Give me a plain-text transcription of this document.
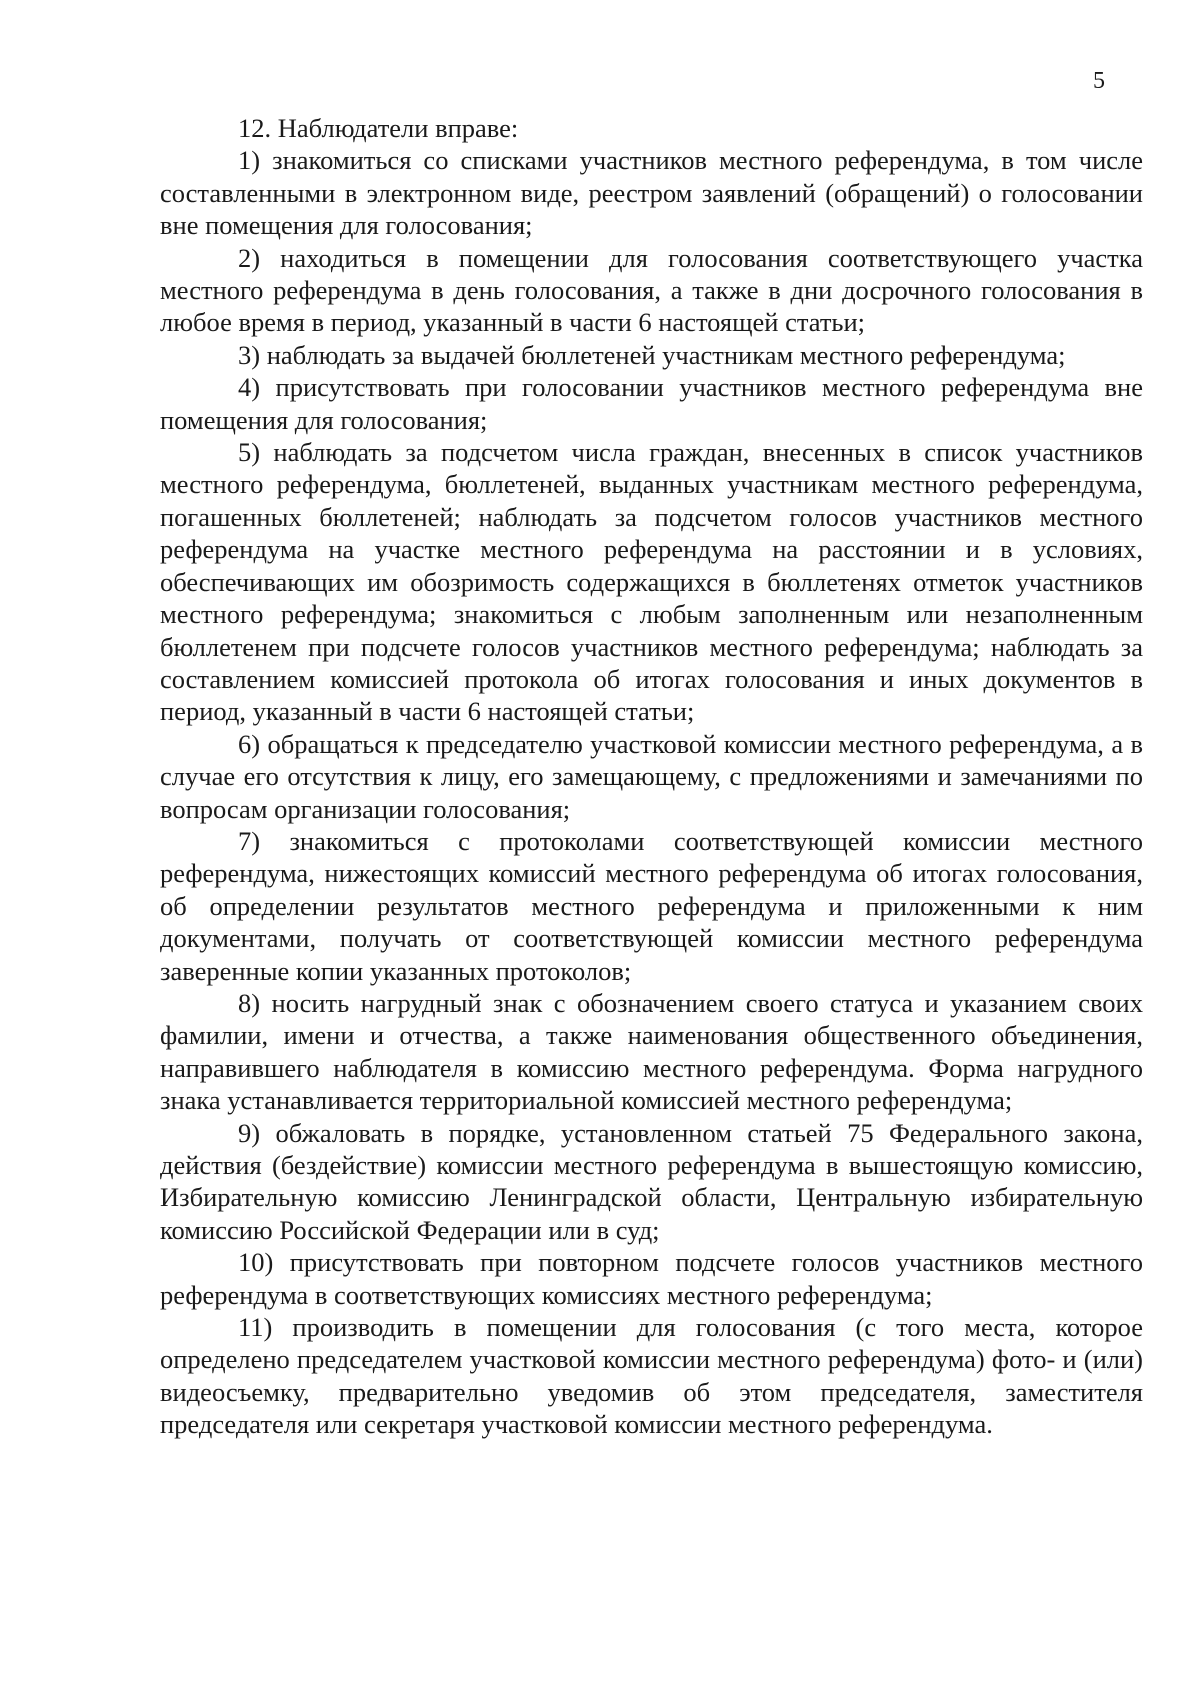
5

12. Наблюдатели вправе:

1) знакомиться со списками участников местного референдума, в том числе составленными в электронном виде, реестром заявлений (обращений) о голосовании вне помещения для голосования;

2) находиться в помещении для голосования соответствующего участка местного референдума в день голосования, а также в дни досрочного голосования в любое время в период, указанный в части 6 настоящей статьи;

3) наблюдать за выдачей бюллетеней участникам местного референдума;

4) присутствовать при голосовании участников местного референдума вне помещения для голосования;

5) наблюдать за подсчетом числа граждан, внесенных в список участников местного референдума, бюллетеней, выданных участникам местного референдума, погашенных бюллетеней; наблюдать за подсчетом голосов участников местного референдума на участке местного референдума на расстоянии и в условиях, обеспечивающих им обозримость содержащихся в бюллетенях отметок участников местного референдума; знакомиться с любым заполненным или незаполненным бюллетенем при подсчете голосов участников местного референдума; наблюдать за составлением комиссией протокола об итогах голосования и иных документов в период, указанный в части 6 настоящей статьи;

6) обращаться к председателю участковой комиссии местного референдума, а в случае его отсутствия к лицу, его замещающему, с предложениями и замечаниями по вопросам организации голосования;

7) знакомиться с протоколами соответствующей комиссии местного референдума, нижестоящих комиссий местного референдума об итогах голосования, об определении результатов местного референдума и приложенными к ним документами, получать от соответствующей комиссии местного референдума заверенные копии указанных протоколов;

8) носить нагрудный знак с обозначением своего статуса и указанием своих фамилии, имени и отчества, а также наименования общественного объединения, направившего наблюдателя в комиссию местного референдума. Форма нагрудного знака устанавливается территориальной комиссией местного референдума;

9) обжаловать в порядке, установленном статьей 75 Федерального закона, действия (бездействие) комиссии местного референдума в вышестоящую комиссию, Избирательную комиссию Ленинградской области, Центральную избирательную комиссию Российской Федерации или в суд;

10) присутствовать при повторном подсчете голосов участников местного референдума в соответствующих комиссиях местного референдума;

11) производить в помещении для голосования (с того места, которое определено председателем участковой комиссии местного референдума) фото- и (или) видеосъемку, предварительно уведомив об этом председателя, заместителя председателя или секретаря участковой комиссии местного референдума.
